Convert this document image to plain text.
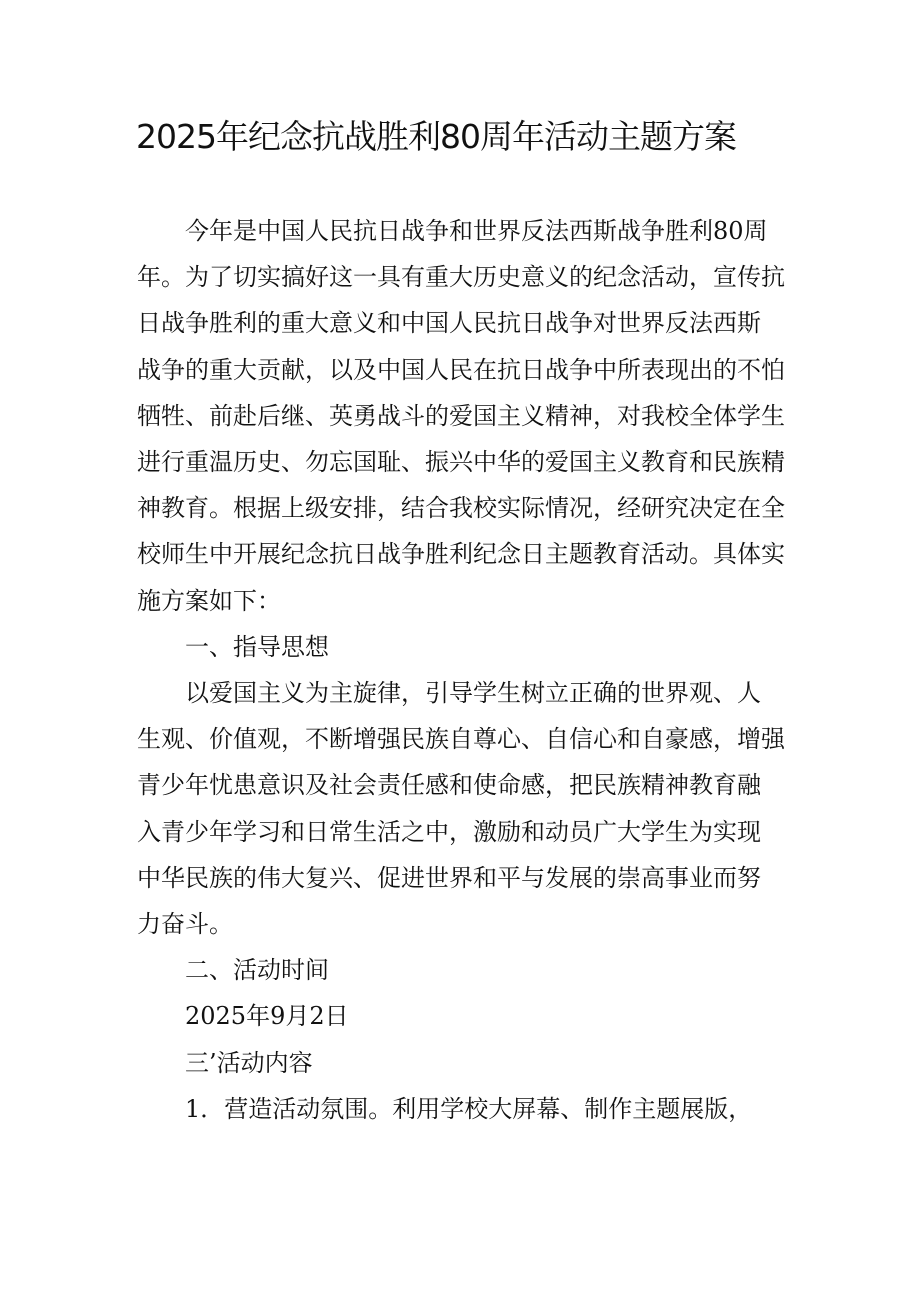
2025年纪念抗战胜利80周年活动主题方案
今年是中国人民抗日战争和世界反法西斯战争胜利80周
年。为了切实搞好这一具有重大历史意义的纪念活动，宣传抗
日战争胜利的重大意义和中国人民抗日战争对世界反法西斯
战争的重大贡献，以及中国人民在抗日战争中所表现出的不怕
牺牲、前赴后继、英勇战斗的爱国主义精神，对我校全体学生
进行重温历史、勿忘国耻、振兴中华的爱国主义教育和民族精
神教育。根据上级安排，结合我校实际情况，经研究决定在全
校师生中开展纪念抗日战争胜利纪念日主题教育活动。具体实
施方案如下：

一、指导思想

以爱国主义为主旋律，引导学生树立正确的世界观、人
生观、价值观，不断增强民族自尊心、自信心和自豪感，增强
青少年忧患意识及社会责任感和使命感，把民族精神教育融
入青少年学习和日常生活之中，激励和动员广大学生为实现
中华民族的伟大复兴、促进世界和平与发展的崇高事业而努
力奋斗。

二、活动时间

2025年9月2日

三’活动内容

1．营造活动氛围。利用学校大屏幕、制作主题展版，
